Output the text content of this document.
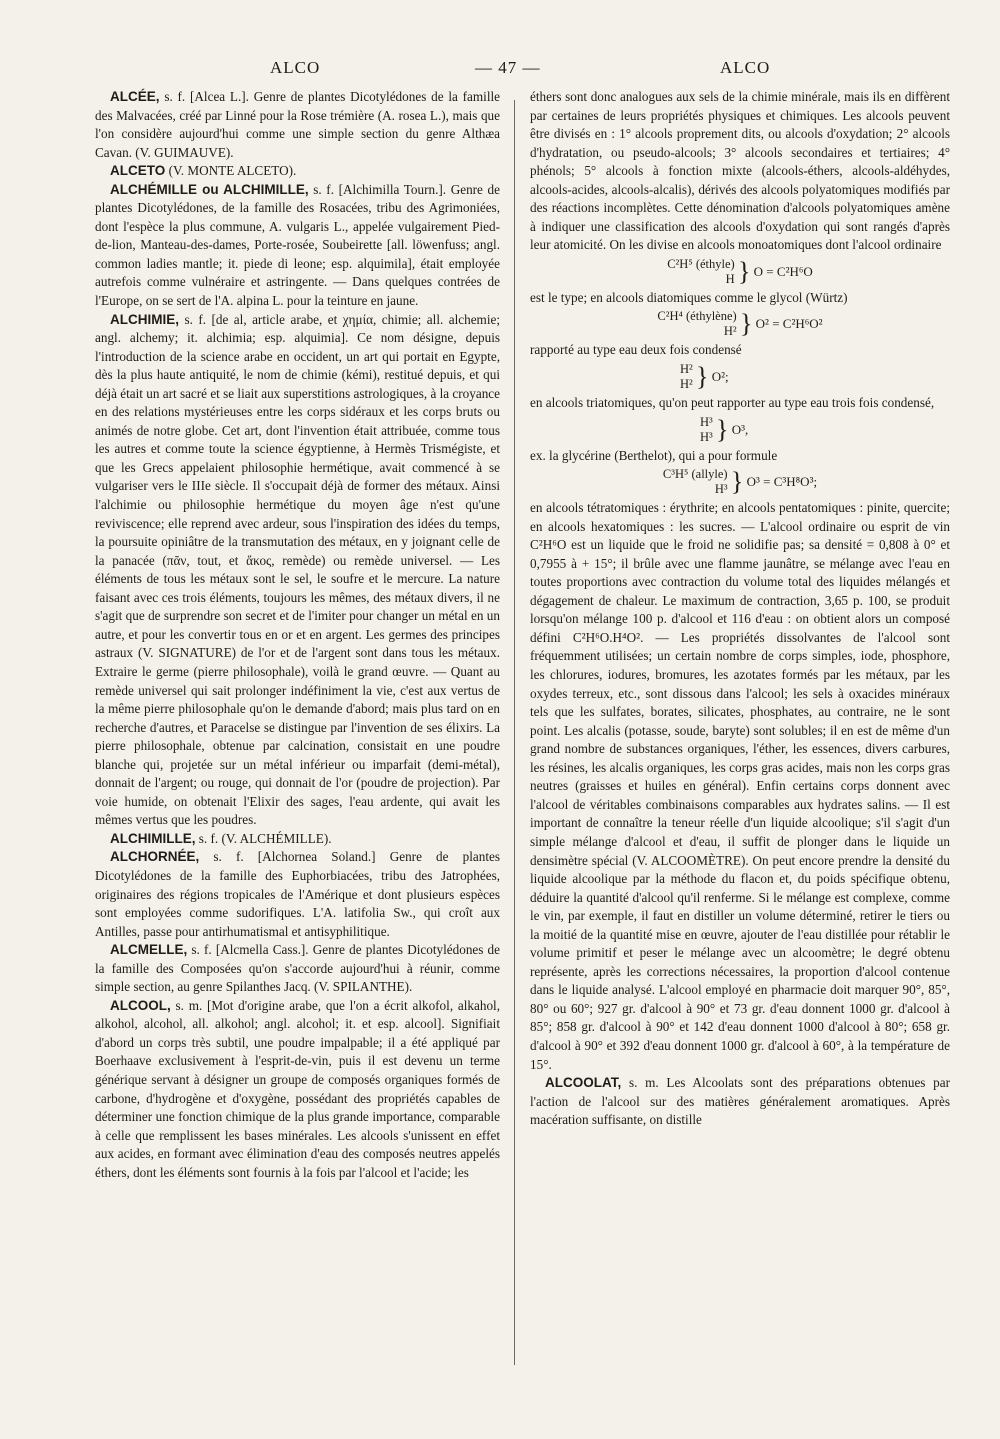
ALCO	— 47 —	ALCO

ALCÉE, s. f. [Alcea L.]. Genre de plantes Dicotylédones de la famille des Malvacées, créé par Linné pour la Rose trémière (A. rosea L.), mais que l'on considère aujourd'hui comme une simple section du genre Althæa Cavan. (V. GUIMAUVE).

ALCETO (V. MONTE ALCETO).

ALCHÉMILLE ou ALCHIMILLE, s. f. [Alchimilla Tourn.]. Genre de plantes Dicotylédones, de la famille des Rosacées, tribu des Agrimoniées, dont l'espèce la plus commune, A. vulgaris L., appelée vulgairement Pied-de-lion, Manteau-des-dames, Porte-rosée, Soubeirette [all. löwenfuss; angl. common ladies mantle; it. piede di leone; esp. alquimila], était employée autrefois comme vulnéraire et astringente. — Dans quelques contrées de l'Europe, on se sert de l'A. alpina L. pour la teinture en jaune.

ALCHIMIE, s. f. [de al, article arabe, et χημία, chimie; all. alchemie; angl. alchemy; it. alchimia; esp. alquimia]. Ce nom désigne, depuis l'introduction de la science arabe en occident, un art qui portait en Egypte, dès la plus haute antiquité, le nom de chimie (kémi), restitué depuis, et qui déjà était un art sacré et se liait aux superstitions astrologiques, à la croyance en des relations mystérieuses entre les corps sidéraux et les corps bruts ou animés de notre globe. Cet art, dont l'invention était attribuée, comme tous les autres et comme toute la science égyptienne, à Hermès Trismégiste, et que les Grecs appelaient philosophie hermétique, avait commencé à se vulgariser vers le IIIe siècle. Il s'occupait déjà de former des métaux. Ainsi l'alchimie ou philosophie hermétique du moyen âge n'est qu'une reviviscence; elle reprend avec ardeur, sous l'inspiration des idées du temps, la poursuite opiniâtre de la transmutation des métaux, en y joignant celle de la panacée (πᾶν, tout, et ἄκος, remède) ou remède universel. — Les éléments de tous les métaux sont le sel, le soufre et le mercure. La nature faisant avec ces trois éléments, toujours les mêmes, des métaux divers, il ne s'agit que de surprendre son secret et de l'imiter pour changer un métal en un autre, et pour les convertir tous en or et en argent. Les germes des principes astraux (V. SIGNATURE) de l'or et de l'argent sont dans tous les métaux. Extraire le germe (pierre philosophale), voilà le grand œuvre. — Quant au remède universel qui sait prolonger indéfiniment la vie, c'est aux vertus de la même pierre philosophale qu'on le demande d'abord; mais plus tard on en recherche d'autres, et Paracelse se distingue par l'invention de ses élixirs. La pierre philosophale, obtenue par calcination, consistait en une poudre blanche qui, projetée sur un métal inférieur ou imparfait (demi-métal), donnait de l'argent; ou rouge, qui donnait de l'or (poudre de projection). Par voie humide, on obtenait l'Elixir des sages, l'eau ardente, qui avait les mêmes vertus que les poudres.

ALCHIMILLE, s. f. (V. ALCHÉMILLE).

ALCHORNÉE, s. f. [Alchornea Soland.] Genre de plantes Dicotylédones de la famille des Euphorbiacées, tribu des Jatrophées, originaires des régions tropicales de l'Amérique et dont plusieurs espèces sont employées comme sudorifiques. L'A. latifolia Sw., qui croît aux Antilles, passe pour antirhumatismal et antisyphilitique.

ALCMELLE, s. f. [Alcmella Cass.]. Genre de plantes Dicotylédones de la famille des Composées qu'on s'accorde aujourd'hui à réunir, comme simple section, au genre Spilanthes Jacq. (V. SPILANTHE).

ALCOOL, s. m. [Mot d'origine arabe, que l'on a écrit alkofol, alkahol, alkohol, alcohol, all. alkohol; angl. alcohol; it. et esp. alcool]. Signifiait d'abord un corps très subtil, une poudre impalpable; il a été appliqué par Boerhaave exclusivement à l'esprit-de-vin, puis il est devenu un terme générique servant à désigner un groupe de composés organiques formés de carbone, d'hydrogène et d'oxygène, possédant des propriétés capables de déterminer une fonction chimique de la plus grande importance, comparable à celle que remplissent les bases minérales. Les alcools s'unissent en effet aux acides, en formant avec élimination d'eau des composés neutres appelés éthers, dont les éléments sont fournis à la fois par l'alcool et l'acide; les

éthers sont donc analogues aux sels de la chimie minérale, mais ils en diffèrent par certaines de leurs propriétés physiques et chimiques. Les alcools peuvent être divisés en : 1° alcools proprement dits, ou alcools d'oxydation; 2° alcools d'hydratation, ou pseudo-alcools; 3° alcools secondaires et tertiaires; 4° phénols; 5° alcools à fonction mixte (alcools-éthers, alcools-aldéhydes, alcools-acides, alcools-alcalis), dérivés des alcools polyatomiques modifiés par des réactions incomplètes. Cette dénomination d'alcools polyatomiques amène à indiquer une classification des alcools d'oxydation qui sont rangés d'après leur atomicité. On les divise en alcools monoatomiques dont l'alcool ordinaire

C²H⁵ (éthyle)
H } O = C²H⁶O

est le type; en alcools diatomiques comme le glycol (Würtz)

C²H⁴ (éthylène)
H² } O² = C²H⁶O²

rapporté au type eau deux fois condensé

H²
H² } O²;

en alcools triatomiques, qu'on peut rapporter au type eau trois fois condensé,

H³
H³ } O³,

ex. la glycérine (Berthelot), qui a pour formule

C³H⁵ (allyle)
H³ } O³ = C³H⁸O³;

en alcools tétratomiques : érythrite; en alcools pentatomiques : pinite, quercite; en alcools hexatomiques : les sucres. — L'alcool ordinaire ou esprit de vin C²H⁶O est un liquide que le froid ne solidifie pas; sa densité = 0,808 à 0° et 0,7955 à + 15°; il brûle avec une flamme jaunâtre, se mélange avec l'eau en toutes proportions avec contraction du volume total des liquides mélangés et dégagement de chaleur. Le maximum de contraction, 3,65 p. 100, se produit lorsqu'on mélange 100 p. d'alcool et 116 d'eau : on obtient alors un composé défini C²H⁶O.H⁴O². — Les propriétés dissolvantes de l'alcool sont fréquemment utilisées; un certain nombre de corps simples, iode, phosphore, les chlorures, iodures, bromures, les azotates formés par les métaux, par les oxydes terreux, etc., sont dissous dans l'alcool; les sels à oxacides minéraux tels que les sulfates, borates, silicates, phosphates, au contraire, ne le sont point. Les alcalis (potasse, soude, baryte) sont solubles; il en est de même d'un grand nombre de substances organiques, l'éther, les essences, divers carbures, les résines, les alcalis organiques, les corps gras acides, mais non les corps gras neutres (graisses et huiles en général). Enfin certains corps donnent avec l'alcool de véritables combinaisons comparables aux hydrates salins. — Il est important de connaître la teneur réelle d'un liquide alcoolique; s'il s'agit d'un simple mélange d'alcool et d'eau, il suffit de plonger dans le liquide un densimètre spécial (V. ALCOOMÈTRE). On peut encore prendre la densité du liquide alcoolique par la méthode du flacon et, du poids spécifique obtenu, déduire la quantité d'alcool qu'il renferme. Si le mélange est complexe, comme le vin, par exemple, il faut en distiller un volume déterminé, retirer le tiers ou la moitié de la quantité mise en œuvre, ajouter de l'eau distillée pour rétablir le volume primitif et peser le mélange avec un alcoomètre; le degré obtenu représente, après les corrections nécessaires, la proportion d'alcool contenue dans le liquide analysé. L'alcool employé en pharmacie doit marquer 90°, 85°, 80° ou 60°; 927 gr. d'alcool à 90° et 73 gr. d'eau donnent 1000 gr. d'alcool à 85°; 858 gr. d'alcool à 90° et 142 d'eau donnent 1000 d'alcool à 80°; 658 gr. d'alcool à 90° et 392 d'eau donnent 1000 gr. d'alcool à 60°, à la température de 15°.

ALCOOLAT, s. m. Les Alcoolats sont des préparations obtenues par l'action de l'alcool sur des matières généralement aromatiques. Après macération suffisante, on distille
